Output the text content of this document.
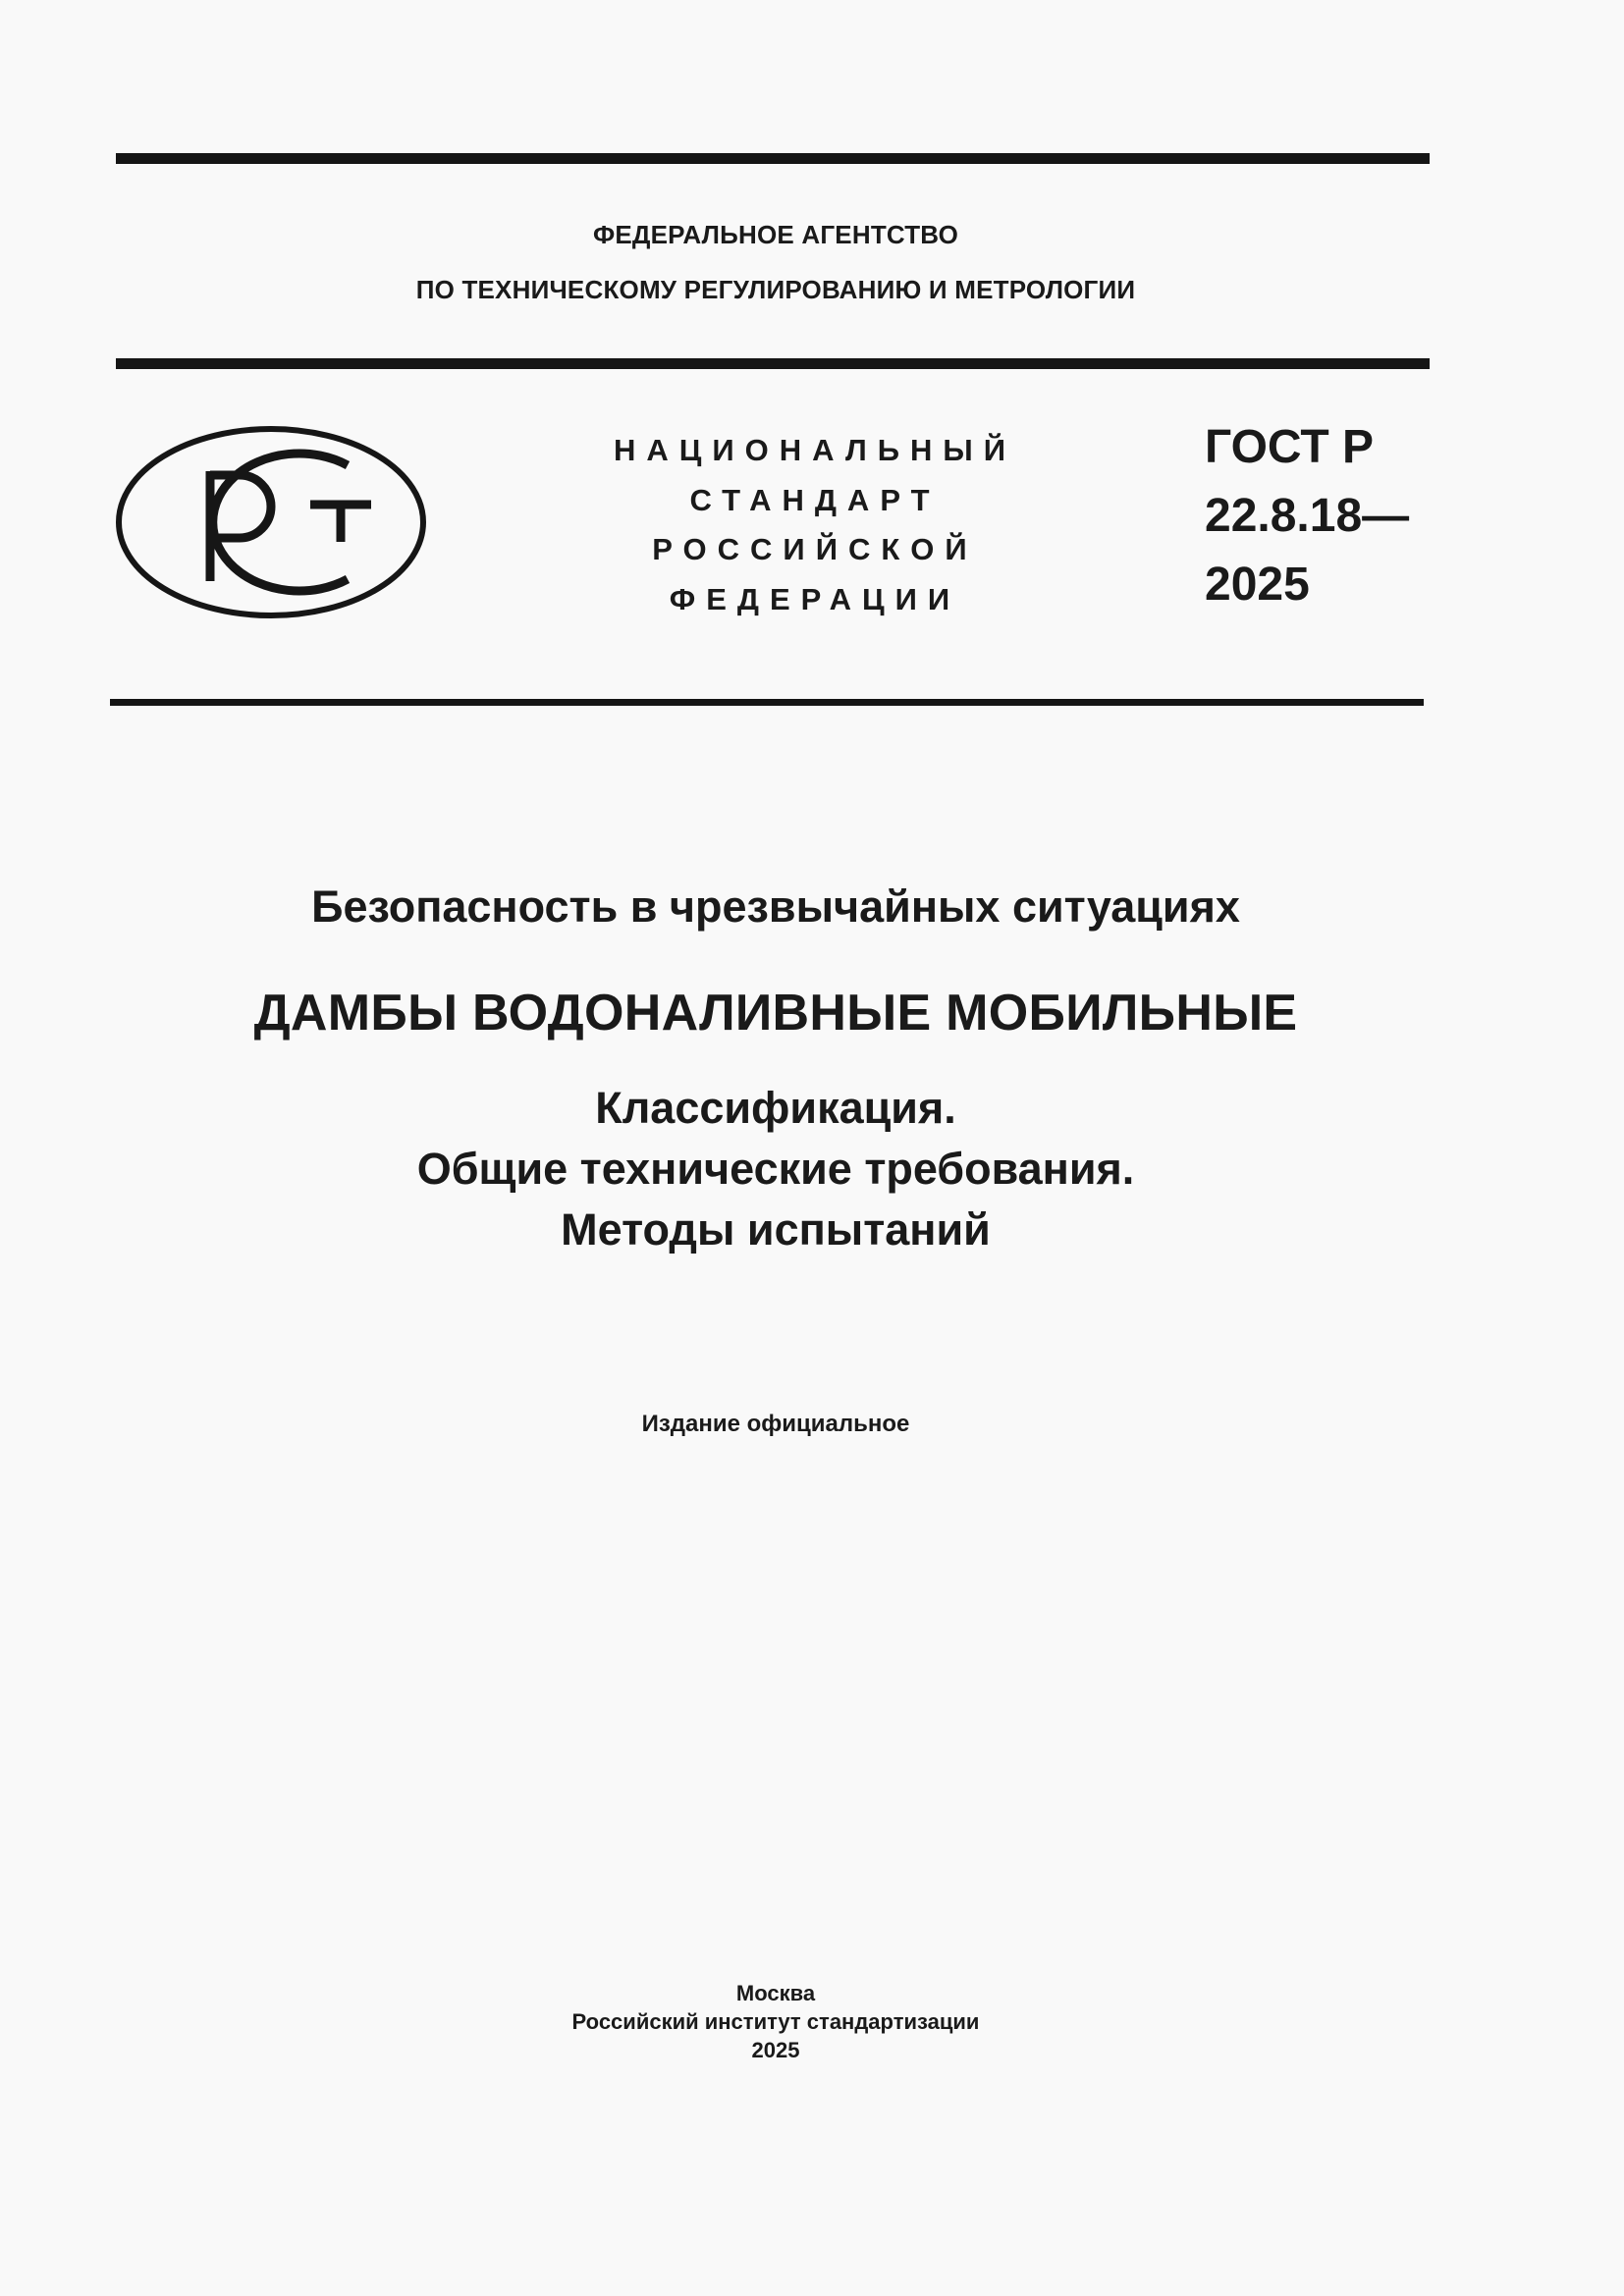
ФЕДЕРАЛЬНОЕ АГЕНТСТВО
ПО ТЕХНИЧЕСКОМУ РЕГУЛИРОВАНИЮ И МЕТРОЛОГИИ
НАЦИОНАЛЬНЫЙ
СТАНДАРТ
РОССИЙСКОЙ
ФЕДЕРАЦИИ
ГОСТ Р
22.8.18—
2025
Безопасность в чрезвычайных ситуациях
ДАМБЫ ВОДОНАЛИВНЫЕ МОБИЛЬНЫЕ
Классификация.
Общие технические требования.
Методы испытаний
Издание официальное
Москва
Российский институт стандартизации
2025
